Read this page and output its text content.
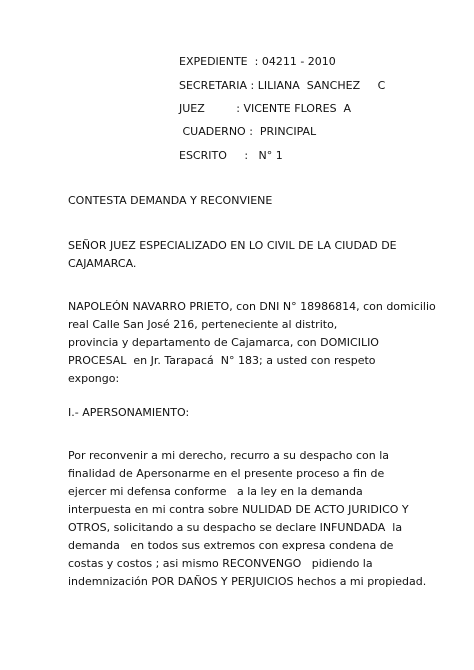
EXPEDIENTE  : 04211 - 2010
SECRETARIA : LILIANA  SANCHEZ     C
JUEZ         : VICENTE FLORES  A
CUADERNO :  PRINCIPAL
ESCRITO     :   N° 1
CONTESTA DEMANDA Y RECONVIENE
SEÑOR JUEZ ESPECIALIZADO EN LO CIVIL DE LA CIUDAD DE
CAJAMARCA.
NAPOLEÓN NAVARRO PRIETO, con DNI N° 18986814, con domicilio
real Calle San José 216, perteneciente al distrito,
provincia y departamento de Cajamarca, con DOMICILIO
PROCESAL  en Jr. Tarapacá  N° 183; a usted con respeto
expongo:
I.- APERSONAMIENTO:
Por reconvenir a mi derecho, recurro a su despacho con la
finalidad de Apersonarme en el presente proceso a fin de
ejercer mi defensa conforme   a la ley en la demanda
interpuesta en mi contra sobre NULIDAD DE ACTO JURIDICO Y
OTROS, solicitando a su despacho se declare INFUNDADA  la
demanda   en todos sus extremos con expresa condena de
costas y costos ; asi mismo RECONVENGO   pidiendo la
indemnización POR DAÑOS Y PERJUICIOS hechos a mi propiedad.
